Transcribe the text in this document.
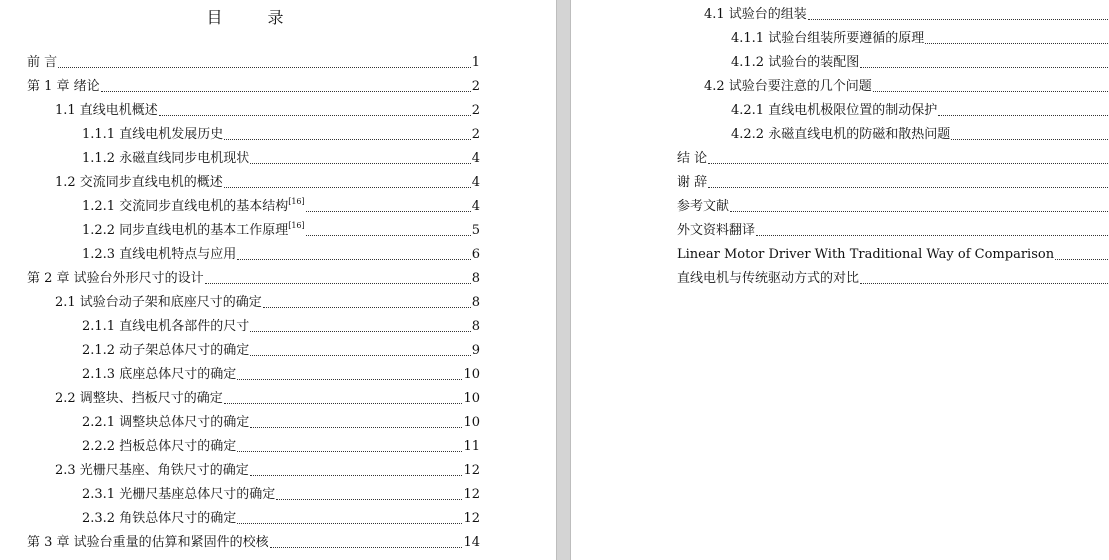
目 录
前 言	1
第 1 章 绪论	2
1.1 直线电机概述	2
1.1.1 直线电机发展历史	2
1.1.2 永磁直线同步电机现状	4
1.2 交流同步直线电机的概述	4
1.2.1 交流同步直线电机的基本结构[16]	4
1.2.2 同步直线电机的基本工作原理[16]	5
1.2.3 直线电机特点与应用	6
第 2 章 试验台外形尺寸的设计	8
2.1 试验台动子架和底座尺寸的确定	8
2.1.1 直线电机各部件的尺寸	8
2.1.2 动子架总体尺寸的确定	9
2.1.3 底座总体尺寸的确定	10
2.2 调整块、挡板尺寸的确定	10
2.2.1 调整块总体尺寸的确定	10
2.2.2 挡板总体尺寸的确定	11
2.3 光栅尺基座、角铁尺寸的确定	12
2.3.1 光栅尺基座总体尺寸的确定	12
2.3.2 角铁总体尺寸的确定	12
第 3 章 试验台重量的估算和紧固件的校核	14
4.1 试验台的组装
4.1.1 试验台组装所要遵循的原理
4.1.2 试验台的装配图
4.2 试验台要注意的几个问题
4.2.1 直线电机极限位置的制动保护
4.2.2 永磁直线电机的防磁和散热问题
结 论
谢 辞
参考文献
外文资料翻译
Linear Motor Driver With Traditional Way of Comparison
直线电机与传统驱动方式的对比
